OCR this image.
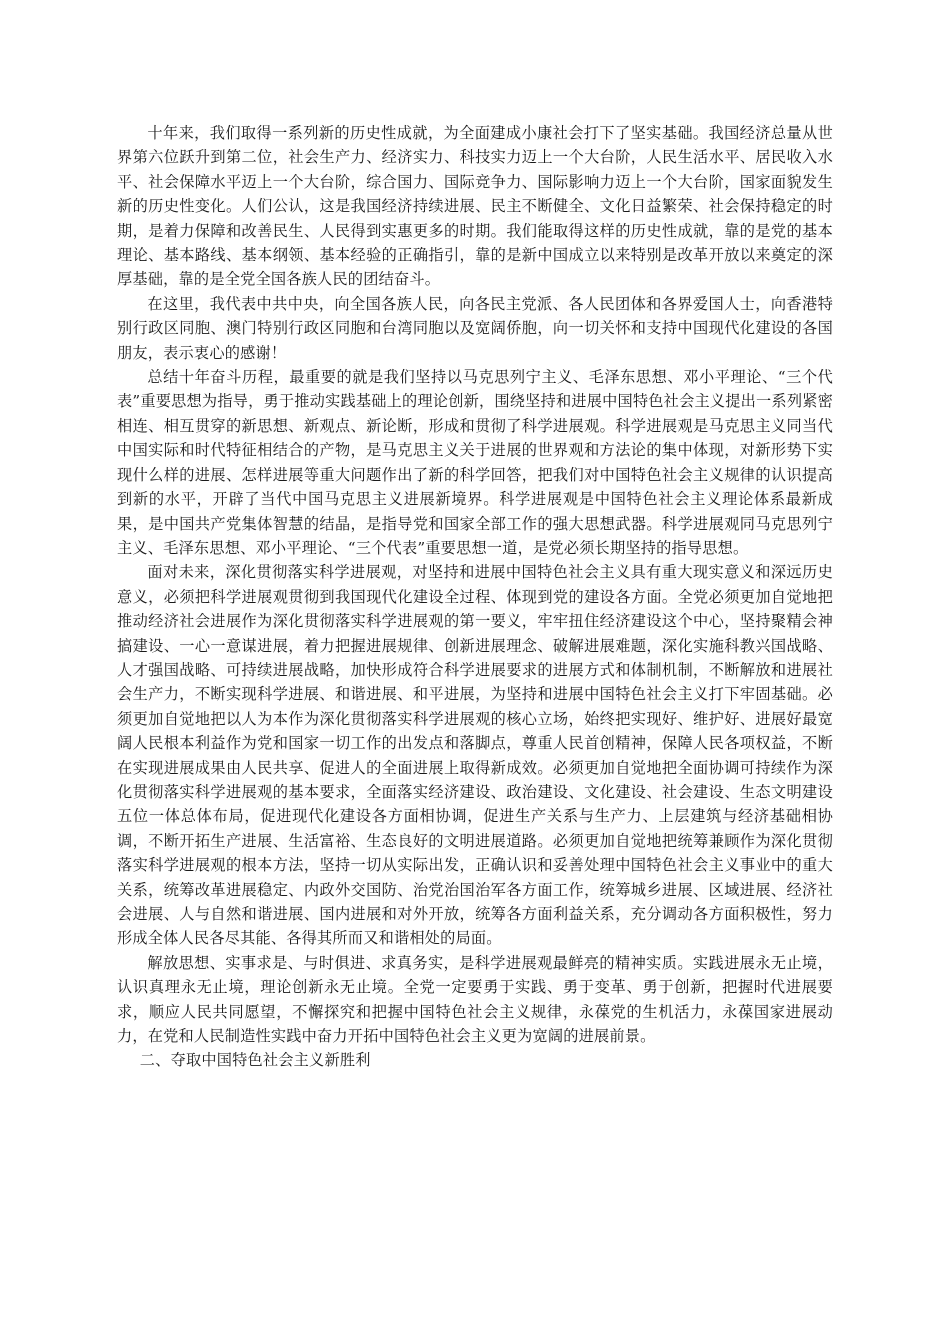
十年来，我们取得一系列新的历史性成就，为全面建成小康社会打下了坚实基础。我国经济总量从世界第六位跃升到第二位，社会生产力、经济实力、科技实力迈上一个大台阶，人民生活水平、居民收入水平、社会保障水平迈上一个大台阶，综合国力、国际竞争力、国际影响力迈上一个大台阶，国家面貌发生新的历史性变化。人们公认，这是我国经济持续进展、民主不断健全、文化日益繁荣、社会保持稳定的时期，是着力保障和改善民生、人民得到实惠更多的时期。我们能取得这样的历史性成就，靠的是党的基本理论、基本路线、基本纲领、基本经验的正确指引，靠的是新中国成立以来特别是改革开放以来奠定的深厚基础，靠的是全党全国各族人民的团结奋斗。

在这里，我代表中共中央，向全国各族人民，向各民主党派、各人民团体和各界爱国人士，向香港特别行政区同胞、澳门特别行政区同胞和台湾同胞以及宽阔侨胞，向一切关怀和支持中国现代化建设的各国朋友，表示衷心的感谢！

总结十年奋斗历程，最重要的就是我们坚持以马克思列宁主义、毛泽东思想、邓小平理论、“三个代表”重要思想为指导，勇于推动实践基础上的理论创新，围绕坚持和进展中国特色社会主义提出一系列紧密相连、相互贯穿的新思想、新观点、新论断，形成和贯彻了科学进展观。科学进展观是马克思主义同当代中国实际和时代特征相结合的产物，是马克思主义关于进展的世界观和方法论的集中体现，对新形势下实现什么样的进展、怎样进展等重大问题作出了新的科学回答，把我们对中国特色社会主义规律的认识提高到新的水平，开辟了当代中国马克思主义进展新境界。科学进展观是中国特色社会主义理论体系最新成果，是中国共产党集体智慧的结晶，是指导党和国家全部工作的强大思想武器。科学进展观同马克思列宁主义、毛泽东思想、邓小平理论、“三个代表”重要思想一道，是党必须长期坚持的指导思想。

面对未来，深化贯彻落实科学进展观，对坚持和进展中国特色社会主义具有重大现实意义和深远历史意义，必须把科学进展观贯彻到我国现代化建设全过程、体现到党的建设各方面。全党必须更加自觉地把推动经济社会进展作为深化贯彻落实科学进展观的第一要义，牢牢扭住经济建设这个中心，坚持聚精会神搞建设、一心一意谋进展，着力把握进展规律、创新进展理念、破解进展难题，深化实施科教兴国战略、人才强国战略、可持续进展战略，加快形成符合科学进展要求的进展方式和体制机制，不断解放和进展社会生产力，不断实现科学进展、和谐进展、和平进展，为坚持和进展中国特色社会主义打下牢固基础。必须更加自觉地把以人为本作为深化贯彻落实科学进展观的核心立场，始终把实现好、维护好、进展好最宽阔人民根本利益作为党和国家一切工作的出发点和落脚点，尊重人民首创精神，保障人民各项权益，不断在实现进展成果由人民共享、促进人的全面进展上取得新成效。必须更加自觉地把全面协调可持续作为深化贯彻落实科学进展观的基本要求，全面落实经济建设、政治建设、文化建设、社会建设、生态文明建设五位一体总体布局，促进现代化建设各方面相协调，促进生产关系与生产力、上层建筑与经济基础相协调，不断开拓生产进展、生活富裕、生态良好的文明进展道路。必须更加自觉地把统筹兼顾作为深化贯彻落实科学进展观的根本方法，坚持一切从实际出发，正确认识和妥善处理中国特色社会主义事业中的重大关系，统筹改革进展稳定、内政外交国防、治党治国治军各方面工作，统筹城乡进展、区域进展、经济社会进展、人与自然和谐进展、国内进展和对外开放，统筹各方面利益关系，充分调动各方面积极性，努力形成全体人民各尽其能、各得其所而又和谐相处的局面。

解放思想、实事求是、与时俱进、求真务实，是科学进展观最鲜亮的精神实质。实践进展永无止境，认识真理永无止境，理论创新永无止境。全党一定要勇于实践、勇于变革、勇于创新，把握时代进展要求，顺应人民共同愿望，不懈探究和把握中国特色社会主义规律，永葆党的生机活力，永葆国家进展动力，在党和人民制造性实践中奋力开拓中国特色社会主义更为宽阔的进展前景。

二、夺取中国特色社会主义新胜利
